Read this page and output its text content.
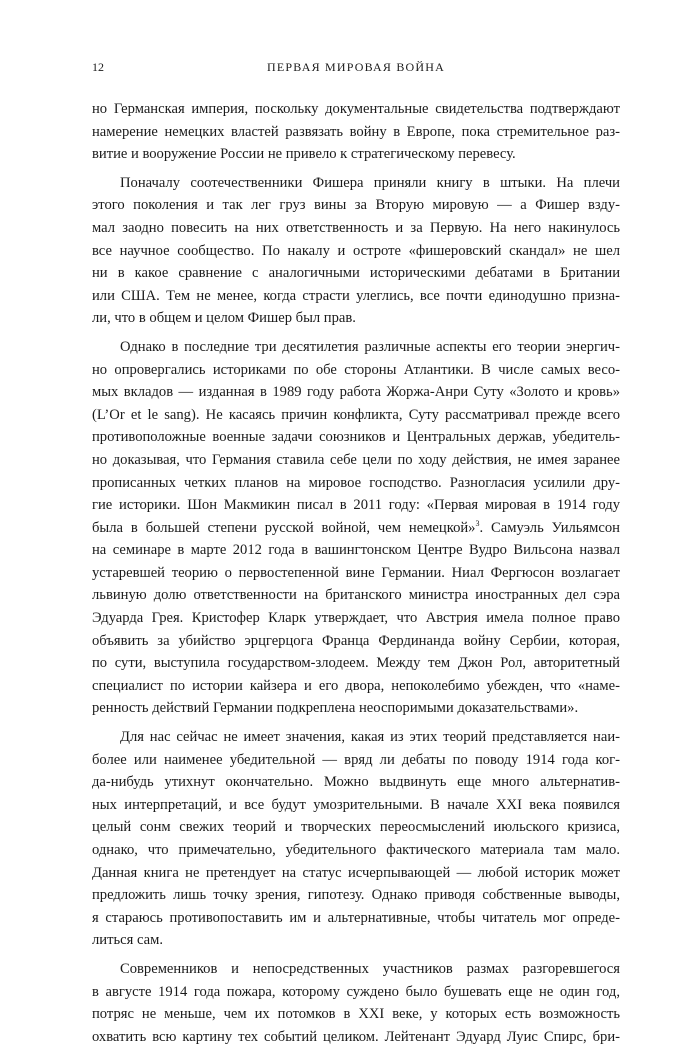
12	ПЕРВАЯ МИРОВАЯ ВОЙНА
но Германская империя, поскольку документальные свидетельства подтверждают
намерение немецких властей развязать войну в Европе, пока стремительное раз-
витие и вооружение России не привело к стратегическому перевесу.
Поначалу соотечественники Фишера приняли книгу в штыки. На плечи
этого поколения и так лег груз вины за Вторую мировую — а Фишер взду-
мал заодно повесить на них ответственность и за Первую. На него накинулось
все научное сообщество. По накалу и остроте «фишеровский скандал» не шел
ни в какое сравнение с аналогичными историческими дебатами в Британии
или США. Тем не менее, когда страсти улеглись, все почти единодушно призна-
ли, что в общем и целом Фишер был прав.
Однако в последние три десятилетия различные аспекты его теории энергич-
но опровергались историками по обе стороны Атлантики. В числе самых весо-
мых вкладов — изданная в 1989 году работа Жоржа-Анри Суту «Золото и кровь»
(L’Or et le sang). Не касаясь причин конфликта, Суту рассматривал прежде всего
противоположные военные задачи союзников и Центральных держав, убедитель-
но доказывая, что Германия ставила себе цели по ходу действия, не имея заранее
прописанных четких планов на мировое господство. Разногласия усилили дру-
гие историки. Шон Макмикин писал в 2011 году: «Первая мировая в 1914 году
была в большей степени русской войной, чем немецкой»$^3$. Самуэль Уильямсон
на семинаре в марте 2012 года в вашингтонском Центре Вудро Вильсона назвал
устаревшей теорию о первостепенной вине Германии. Ниал Фергюсон возлагает
львиную долю ответственности на британского министра иностранных дел сэра
Эдуарда Грея. Кристофер Кларк утверждает, что Австрия имела полное право
объявить за убийство эрцгерцога Франца Фердинанда войну Сербии, которая,
по сути, выступила государством-злодеем. Между тем Джон Рол, авторитетный
специалист по истории кайзера и его двора, непоколебимо убежден, что «наме-
ренность действий Германии подкреплена неоспоримыми доказательствами».
Для нас сейчас не имеет значения, какая из этих теорий представляется наи-
более или наименее убедительной — вряд ли дебаты по поводу 1914 года ког-
да-нибудь утихнут окончательно. Можно выдвинуть еще много альтернатив-
ных интерпретаций, и все будут умозрительными. В начале XXI века появился
целый сонм свежих теорий и творческих переосмыслений июльского кризиса,
однако, что примечательно, убедительного фактического материала там мало.
Данная книга не претендует на статус исчерпывающей — любой историк может
предложить лишь точку зрения, гипотезу. Однако приводя собственные выводы,
я стараюсь противопоставить им и альтернативные, чтобы читатель мог опреде-
литься сам.
Современников и непосредственных участников размах разгоревшегося
в августе 1914 года пожара, которому суждено было бушевать еще не один год,
потряс не меньше, чем их потомков в XXI веке, у которых есть возможность
охватить всю картину тех событий целиком. Лейтенант Эдуард Луис Спирс, бри-
